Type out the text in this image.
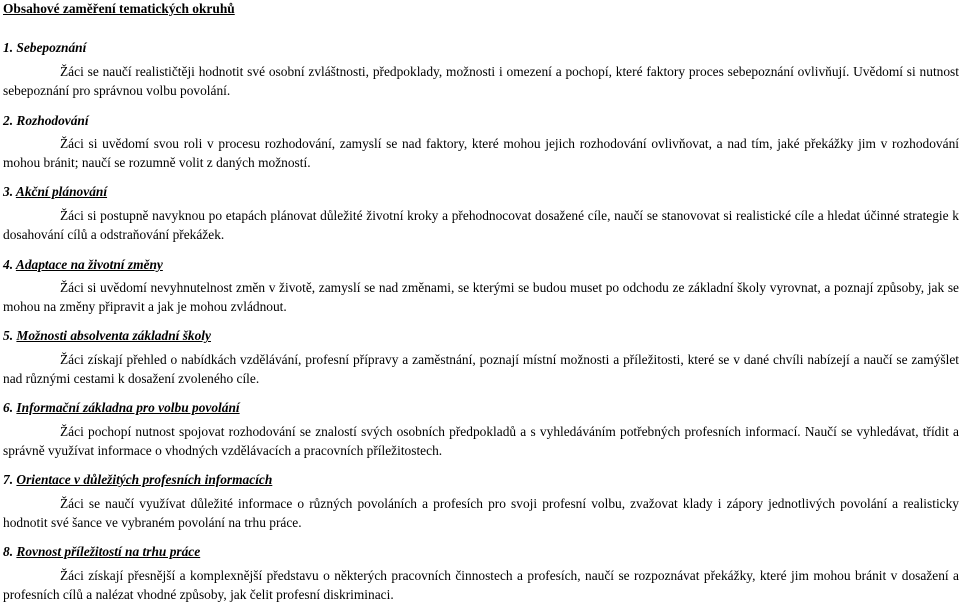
Obsahové zaměření tematických okruhů
1. Sebepoznání
Žáci se naučí realističtěji hodnotit své osobní zvláštnosti, předpoklady, možnosti i omezení a pochopí, které faktory proces sebepoznání ovlivňují. Uvědomí si nutnost sebepoznání pro správnou volbu povolání.
2. Rozhodování
Žáci si uvědomí svou roli v procesu rozhodování, zamyslí se nad faktory, které mohou jejich rozhodování ovlivňovat, a nad tím, jaké překážky jim v rozhodování mohou bránit; naučí se rozumně volit z daných možností.
3. Akční plánování
Žáci si postupně navyknou po etapách plánovat důležité životní kroky a přehodnocovat dosažené cíle, naučí se stanovovat si realistické cíle a hledat účinné strategie k dosahování cílů a odstraňování překážek.
4. Adaptace na životní změny
Žáci si uvědomí nevyhnutelnost změn v životě, zamyslí se nad změnami, se kterými se budou muset po odchodu ze základní školy vyrovnat, a poznají způsoby, jak se mohou na změny připravit a jak je mohou zvládnout.
5. Možnosti absolventa základní školy
Žáci získají přehled o nabídkách vzdělávání, profesní přípravy a zaměstnání, poznají místní možnosti a příležitosti, které se v dané chvíli nabízejí a naučí se zamýšlet nad různými cestami k dosažení zvoleného cíle.
6. Informační základna pro volbu povolání
Žáci pochopí nutnost spojovat rozhodování se znalostí svých osobních předpokladů a s vyhledáváním potřebných profesních informací. Naučí se vyhledávat, třídit a správně využívat informace o vhodných vzdělávacích a pracovních příležitostech.
7. Orientace v důležitých profesních informacích
Žáci se naučí využívat důležité informace o různých povoláních a profesích pro svoji profesní volbu, zvažovat klady i zápory jednotlivých povolání a realisticky hodnotit své šance ve vybraném povolání na trhu práce.
8. Rovnost příležitostí na trhu práce
Žáci získají přesnější a komplexnější představu o některých pracovních činnostech a profesích, naučí se rozpoznávat překážky, které jim mohou bránit v dosažení a profesních cílů a nalézat vhodné způsoby, jak čelit profesní diskriminaci.
